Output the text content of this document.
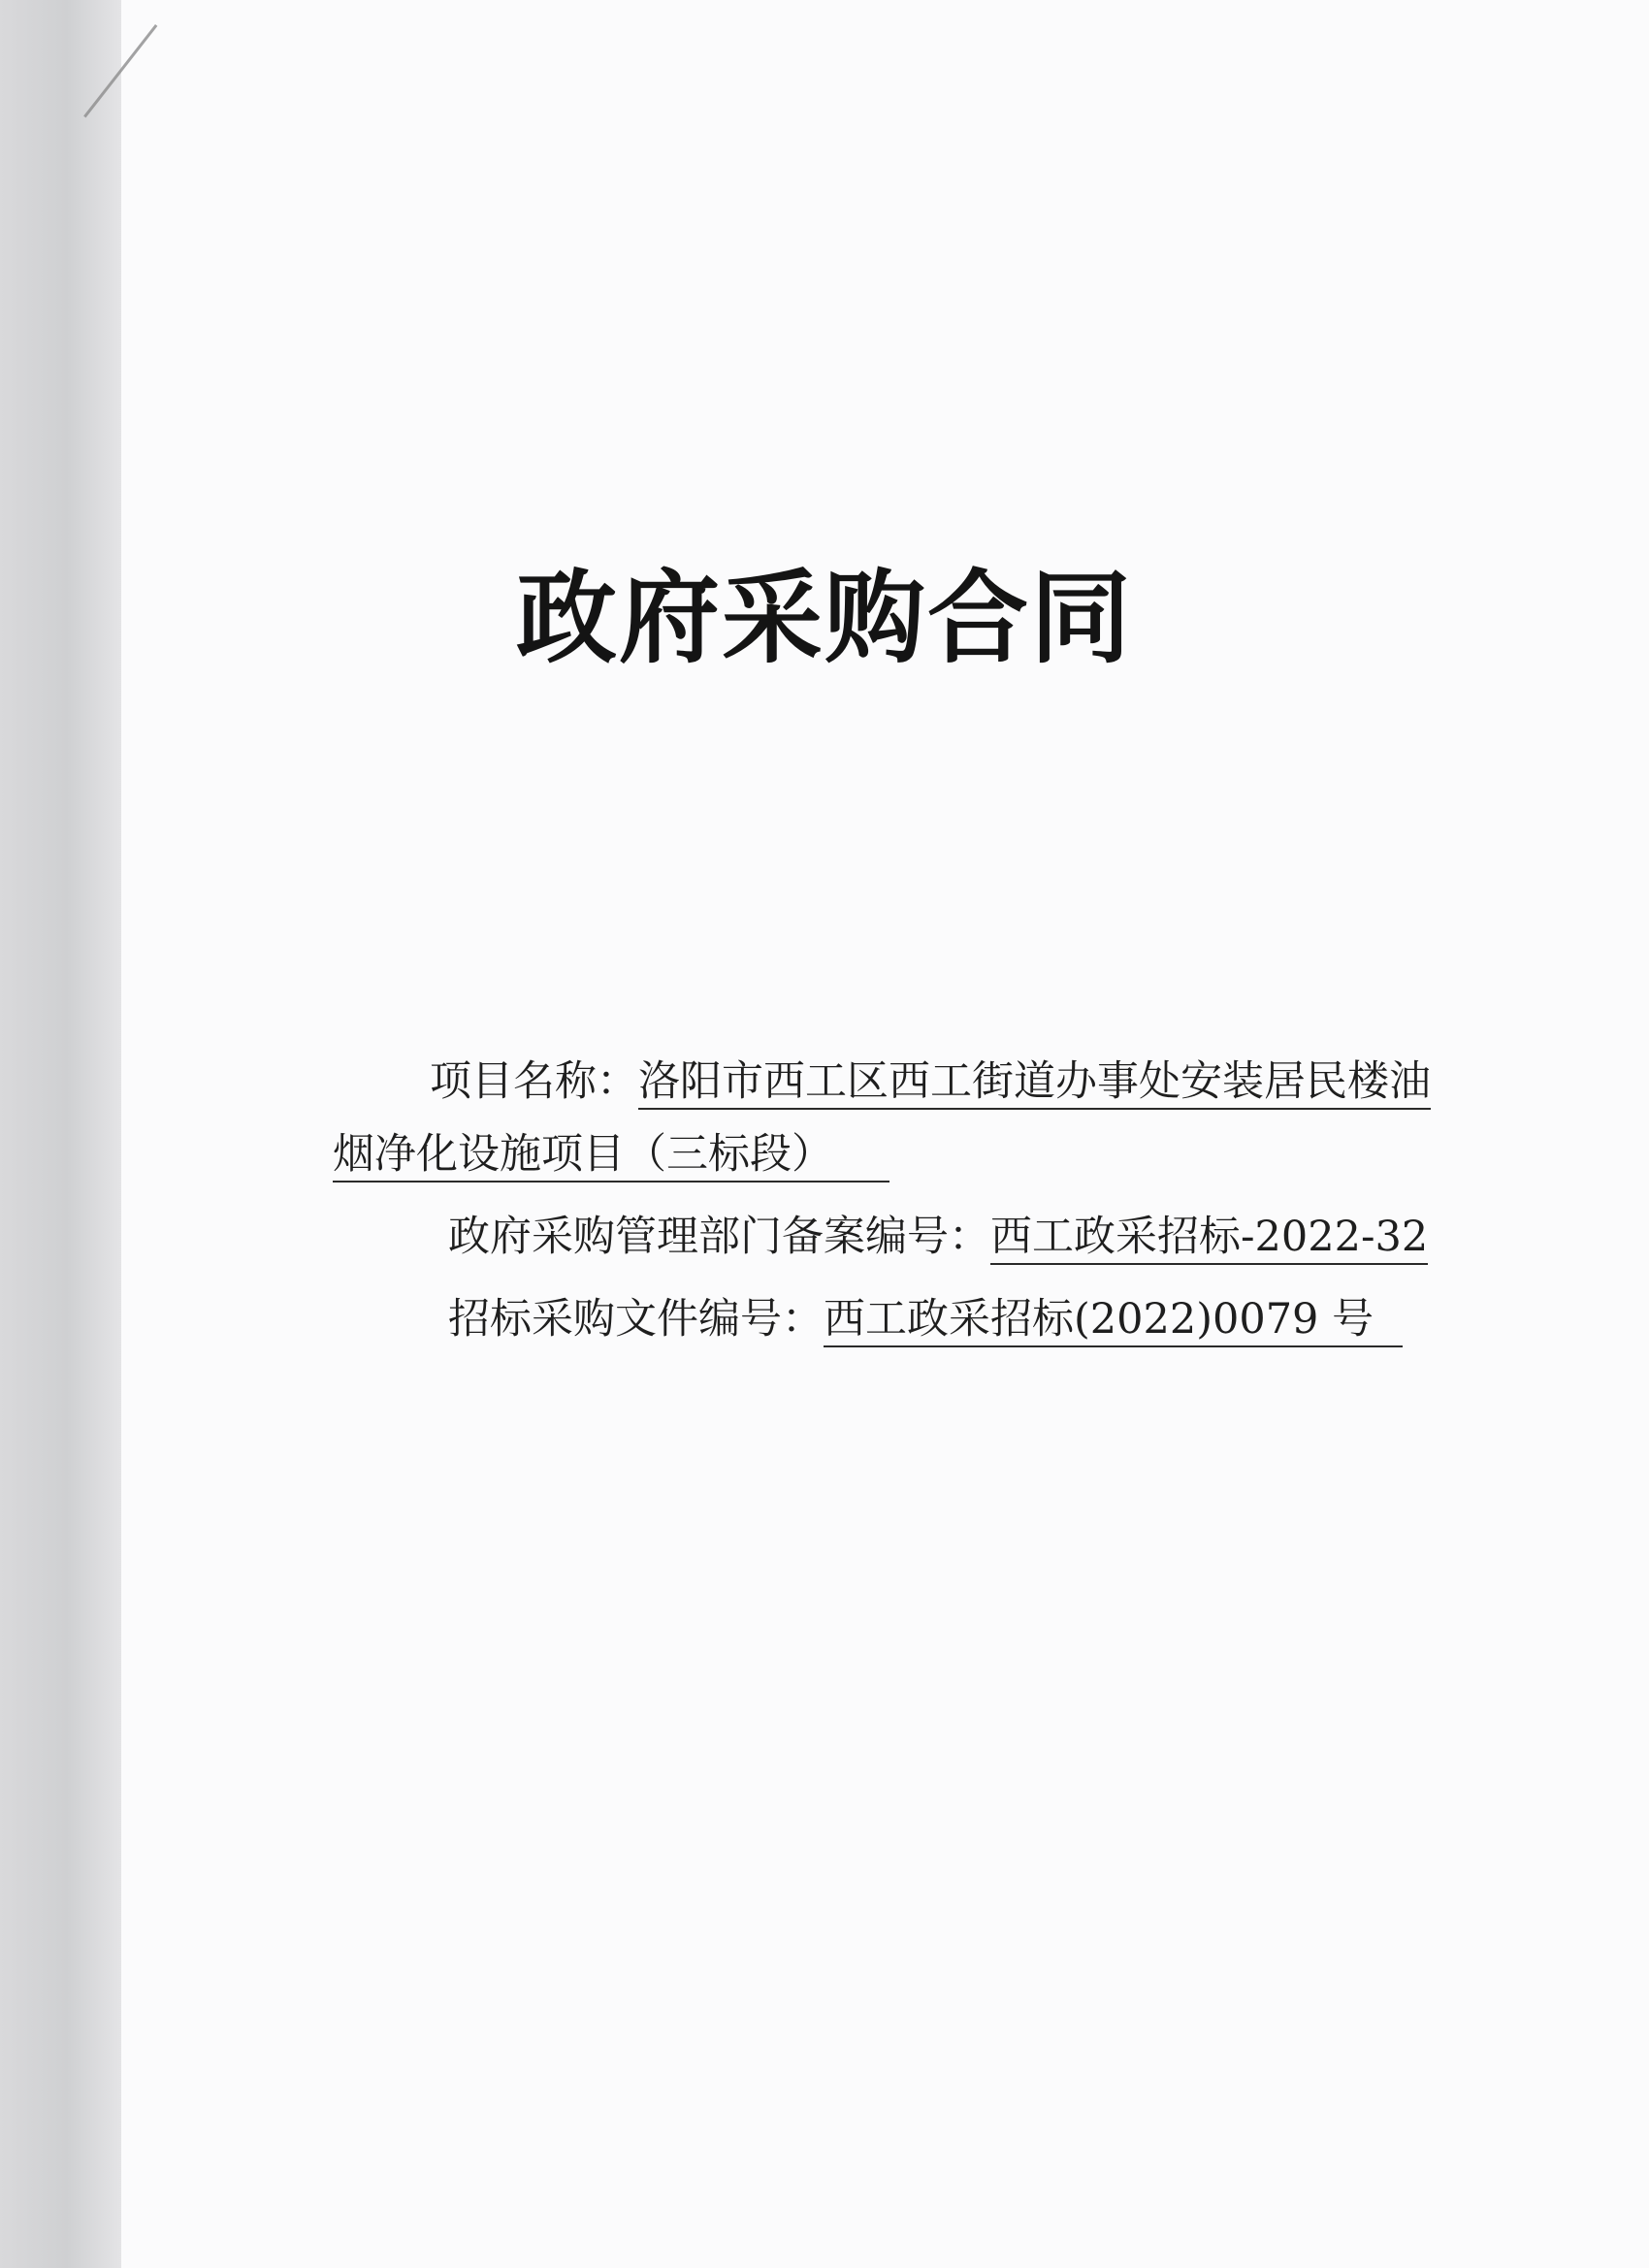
政府采购合同
项目名称：洛阳市西工区西工街道办事处安装居民楼油
烟净化设施项目（三标段）
政府采购管理部门备案编号：西工政采招标-2022-32
招标采购文件编号：西工政采招标(2022)0079 号
